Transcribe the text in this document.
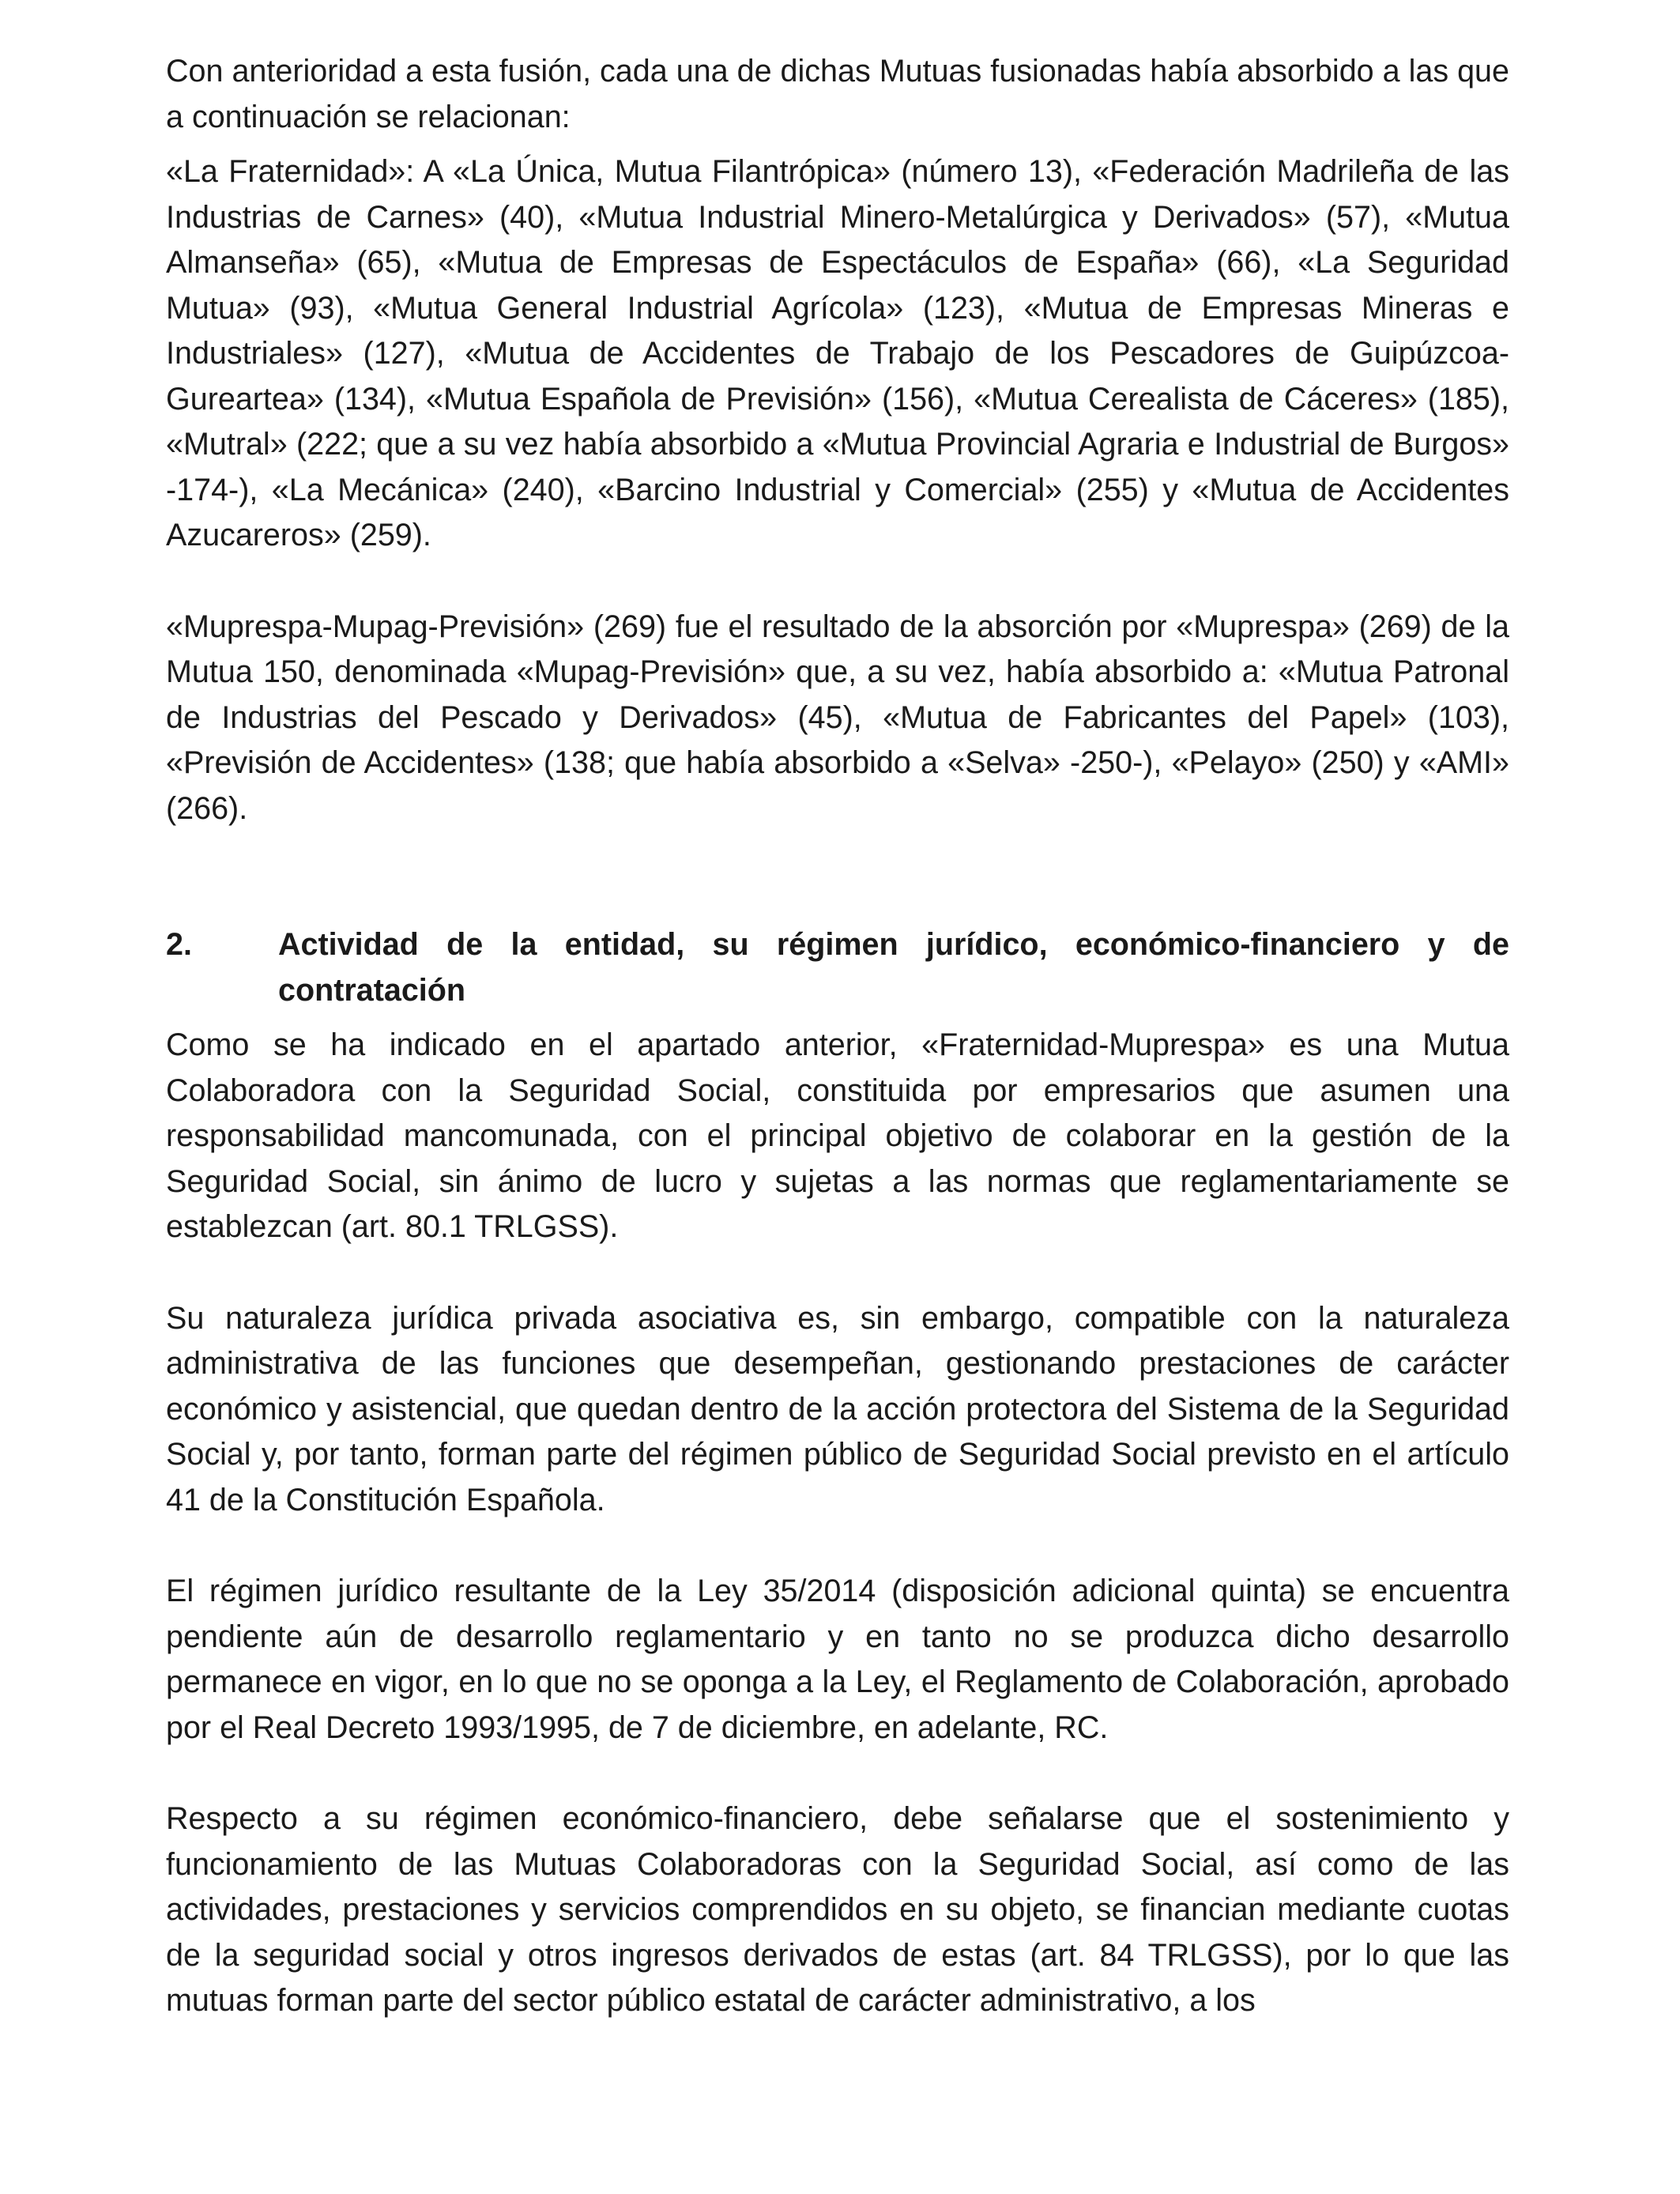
Con anterioridad a esta fusión, cada una de dichas Mutuas fusionadas había absorbido a las que a continuación se relacionan:

«La Fraternidad»: A «La Única, Mutua Filantrópica» (número 13), «Federación Madrileña de las Industrias de Carnes» (40), «Mutua Industrial Minero-Metalúrgica y Derivados» (57), «Mutua Almanseña» (65), «Mutua de Empresas de Espectáculos de España» (66), «La Seguridad Mutua» (93), «Mutua General Industrial Agrícola» (123), «Mutua de Empresas Mineras e Industriales» (127), «Mutua de Accidentes de Trabajo de los Pescadores de Guipúzcoa-Gureartea» (134), «Mutua Española de Previsión» (156), «Mutua Cerealista de Cáceres» (185), «Mutral» (222; que a su vez había absorbido a «Mutua Provincial Agraria e Industrial de Burgos» -174-), «La Mecánica» (240), «Barcino Industrial y Comercial» (255) y «Mutua de Accidentes Azucareros» (259).

«Muprespa-Mupag-Previsión» (269) fue el resultado de la absorción por «Muprespa» (269) de la Mutua 150, denominada «Mupag-Previsión» que, a su vez, había absorbido a: «Mutua Patronal de Industrias del Pescado y Derivados» (45), «Mutua de Fabricantes del Papel» (103), «Previsión de Accidentes» (138; que había absorbido a «Selva» -250-), «Pelayo» (250) y «AMI» (266).

2.	Actividad de la entidad, su régimen jurídico, económico-financiero y de contratación

Como se ha indicado en el apartado anterior, «Fraternidad-Muprespa» es una Mutua Colaboradora con la Seguridad Social, constituida por empresarios que asumen una responsabilidad mancomunada, con el principal objetivo de colaborar en la gestión de la Seguridad Social, sin ánimo de lucro y sujetas a las normas que reglamentariamente se establezcan (art. 80.1 TRLGSS).

Su naturaleza jurídica privada asociativa es, sin embargo, compatible con la naturaleza administrativa de las funciones que desempeñan, gestionando prestaciones de carácter económico y asistencial, que quedan dentro de la acción protectora del Sistema de la Seguridad Social y, por tanto, forman parte del régimen público de Seguridad Social previsto en el artículo 41 de la Constitución Española.

El régimen jurídico resultante de la Ley 35/2014 (disposición adicional quinta) se encuentra pendiente aún de desarrollo reglamentario y en tanto no se produzca dicho desarrollo permanece en vigor, en lo que no se oponga a la Ley, el Reglamento de Colaboración, aprobado por el Real Decreto 1993/1995, de 7 de diciembre, en adelante, RC.

Respecto a su régimen económico-financiero, debe señalarse que el sostenimiento y funcionamiento de las Mutuas Colaboradoras con la Seguridad Social, así como de las actividades, prestaciones y servicios comprendidos en su objeto, se financian mediante cuotas de la seguridad social y otros ingresos derivados de estas (art. 84 TRLGSS), por lo que las mutuas forman parte del sector público estatal de carácter administrativo, a los
